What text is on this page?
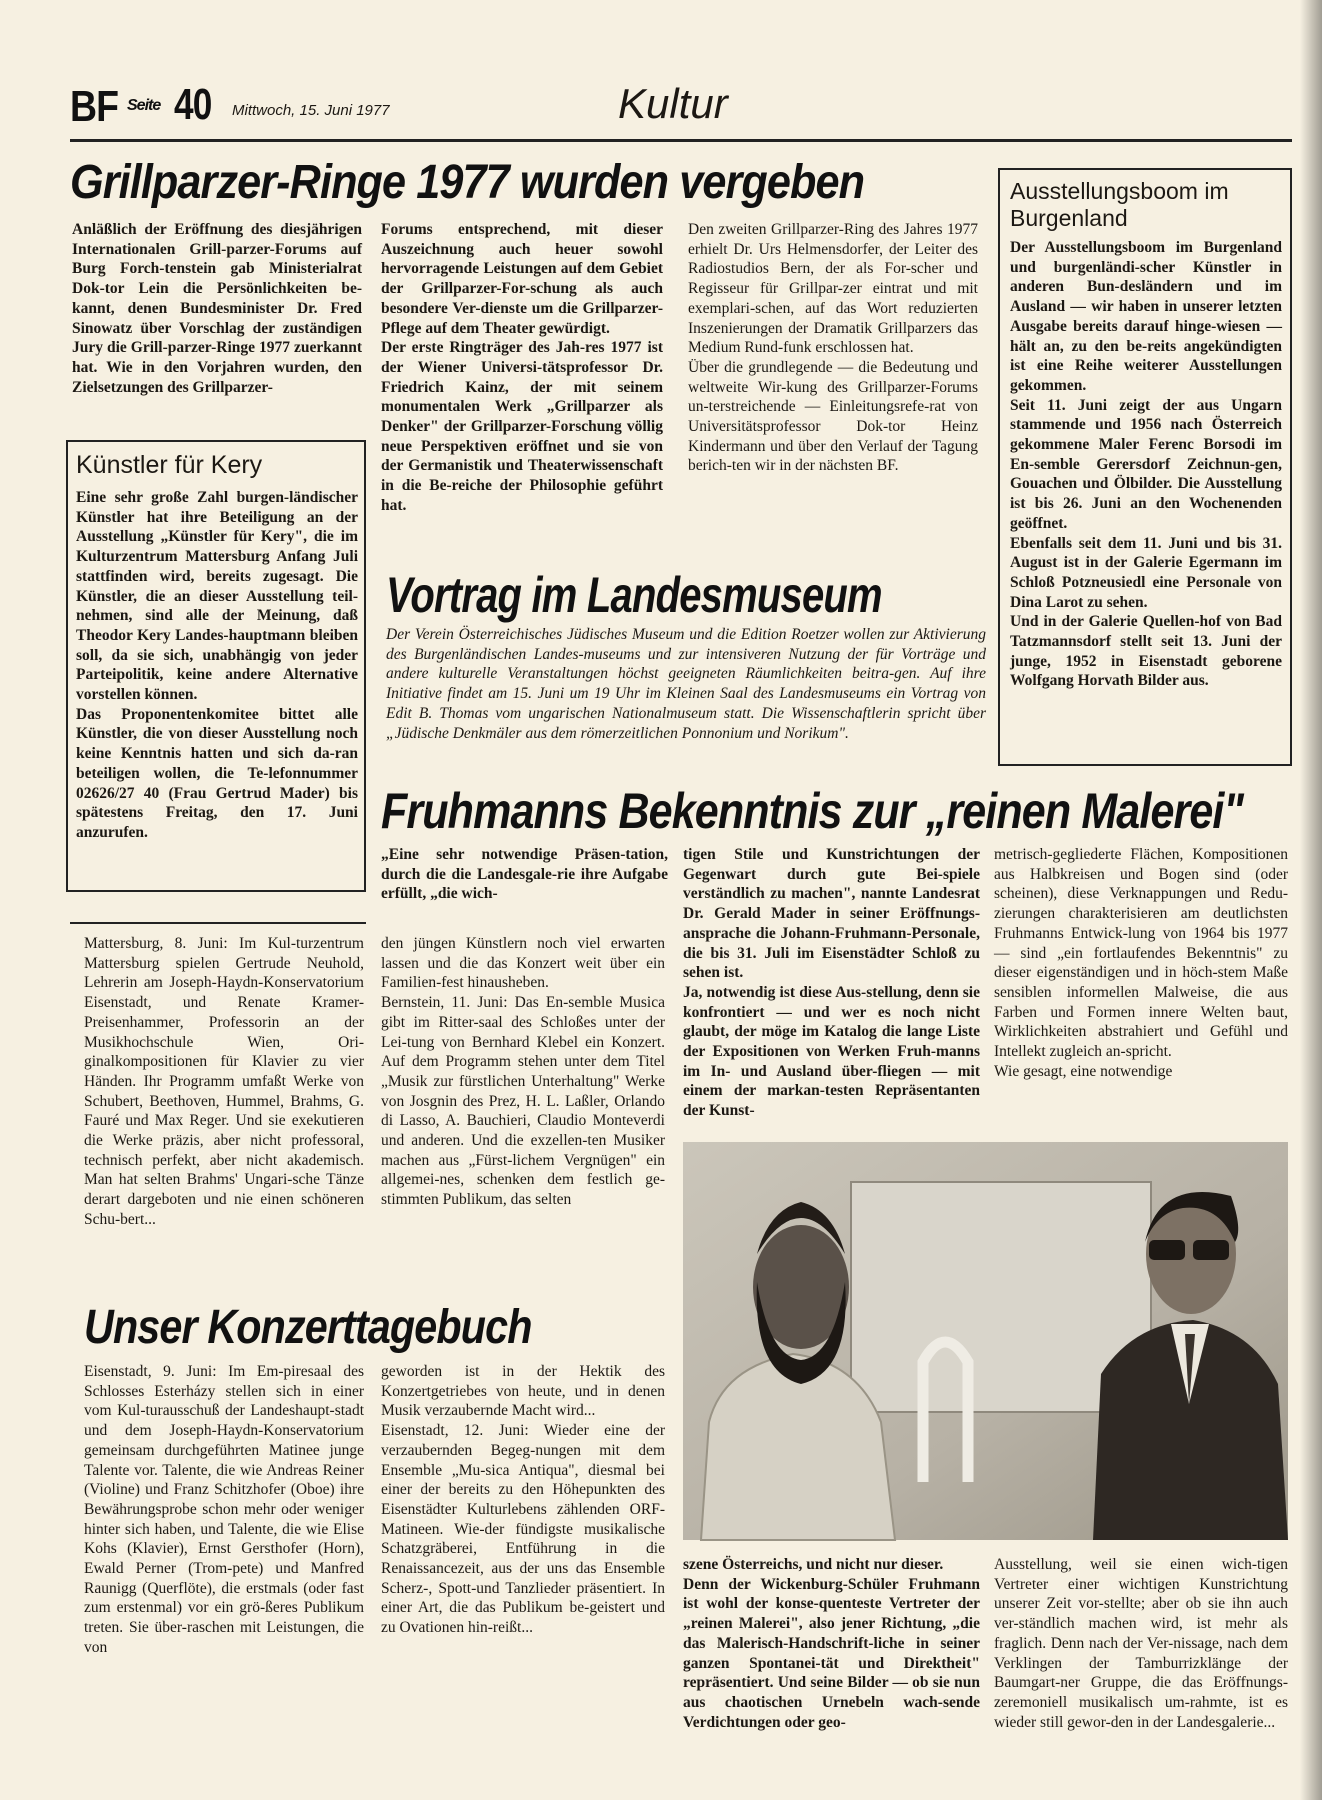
BF Seite 40 Mittwoch, 15. Juni 1977	Kultur
Grillparzer-Ringe 1977 wurden vergeben
Anläßlich der Eröffnung des diesjährigen Internationalen Grill-parzer-Forums auf Burg Forch-tenstein gab Ministerialrat Dok-tor Lein die Persönlichkeiten be-kannt, denen Bundesminister Dr. Fred Sinowatz über Vorschlag der zuständigen Jury die Grill-parzer-Ringe 1977 zuerkannt hat. Wie in den Vorjahren wurden, den Zielsetzungen des Grillparzer-
Forums entsprechend, mit dieser Auszeichnung auch heuer sowohl hervorragende Leistungen auf dem Gebiet der Grillparzer-For-schung als auch besondere Ver-dienste um die Grillparzer-Pflege auf dem Theater gewürdigt.
Der erste Ringträger des Jah-res 1977 ist der Wiener Universi-tätsprofessor Dr. Friedrich Kainz, der mit seinem monumentalen Werk „Grillparzer als Denker" der Grillparzer-Forschung völlig neue Perspektiven eröffnet und sie von der Germanistik und Theaterwissenschaft in die Be-reiche der Philosophie geführt hat.
Den zweiten Grillparzer-Ring des Jahres 1977 erhielt Dr. Urs Helmensdorfer, der Leiter des Radiostudios Bern, der als For-scher und Regisseur für Grillpar-zer eintrat und mit exemplari-schen, auf das Wort reduzierten Inszenierungen der Dramatik Grillparzers das Medium Rund-funk erschlossen hat.
Über die grundlegende — die Bedeutung und weltweite Wir-kung des Grillparzer-Forums un-terstreichende — Einleitungsrefe-rat von Universitätsprofessor Dok-tor Heinz Kindermann und über den Verlauf der Tagung berich-ten wir in der nächsten BF.
Ausstellungsboom im Burgenland
Der Ausstellungsboom im Burgenland und burgenländi-scher Künstler in anderen Bun-desländern und im Ausland — wir haben in unserer letzten Ausgabe bereits darauf hinge-wiesen — hält an, zu den be-reits angekündigten ist eine Reihe weiterer Ausstellungen gekommen.
Seit 11. Juni zeigt der aus Ungarn stammende und 1956 nach Österreich gekommene Maler Ferenc Borsodi im En-semble Gerersdorf Zeichnun-gen, Gouachen und Ölbilder. Die Ausstellung ist bis 26. Juni an den Wochenenden geöffnet.
Ebenfalls seit dem 11. Juni und bis 31. August ist in der Galerie Egermann im Schloß Potzneusiedl eine Personale von Dina Larot zu sehen.
Und in der Galerie Quellen-hof von Bad Tatzmannsdorf stellt seit 13. Juni der junge, 1952 in Eisenstadt geborene Wolfgang Horvath Bilder aus.
Künstler für Kery
Eine sehr große Zahl burgen-ländischer Künstler hat ihre Beteiligung an der Ausstellung „Künstler für Kery", die im Kulturzentrum Mattersburg Anfang Juli stattfinden wird, bereits zugesagt. Die Künstler, die an dieser Ausstellung teil-nehmen, sind alle der Meinung, daß Theodor Kery Landes-hauptmann bleiben soll, da sie sich, unabhängig von jeder Parteipolitik, keine andere Alternative vorstellen können.
Das Proponentenkomitee bittet alle Künstler, die von dieser Ausstellung noch keine Kenntnis hatten und sich da-ran beteiligen wollen, die Te-lefonnummer 02626/27 40 (Frau Gertrud Mader) bis spätestens Freitag, den 17. Juni anzurufen.
Vortrag im Landesmuseum
Der Verein Österreichisches Jüdisches Museum und die Edition Roetzer wollen zur Aktivierung des Burgenländischen Landes-museums und zur intensiveren Nutzung der für Vorträge und andere kulturelle Veranstaltungen höchst geeigneten Räumlichkeiten beitra-gen. Auf ihre Initiative findet am 15. Juni um 19 Uhr im Kleinen Saal des Landesmuseums ein Vortrag von Edit B. Thomas vom ungarischen Nationalmuseum statt. Die Wissenschaftlerin spricht über „Jüdische Denkmäler aus dem römerzeitlichen Ponnonium und Norikum".
Fruhmanns Bekenntnis zur „reinen Malerei"
„Eine sehr notwendige Präsen-tation, durch die die Landesgale-rie ihre Aufgabe erfüllt, „die wich-
tigen Stile und Kunstrichtungen der Gegenwart durch gute Bei-spiele verständlich zu machen", nannte Landesrat Dr. Gerald Mader in seiner Eröffnungs-ansprache die Johann-Fruhmann-Personale, die bis 31. Juli im Eisenstädter Schloß zu sehen ist.
Ja, notwendig ist diese Aus-stellung, denn sie konfrontiert — und wer es noch nicht glaubt, der möge im Katalog die lange Liste der Expositionen von Werken Fruh-manns im In- und Ausland über-fliegen — mit einem der markan-testen Repräsentanten der Kunst-
metrisch-gegliederte Flächen, Kompositionen aus Halbkreisen und Bogen sind (oder scheinen), diese Verknappungen und Redu-zierungen charakterisieren am deutlichsten Fruhmanns Entwick-lung von 1964 bis 1977 — sind „ein fortlaufendes Bekenntnis" zu dieser eigenständigen und in höch-stem Maße sensiblen informellen Malweise, die aus Farben und Formen innere Welten baut, Wirklichkeiten abstrahiert und Gefühl und Intellekt zugleich an-spricht.
Wie gesagt, eine notwendige
szene Österreichs, und nicht nur dieser.
Denn der Wickenburg-Schüler Fruhmann ist wohl der konse-quenteste Vertreter der „reinen Malerei", also jener Richtung, „die das Malerisch-Handschrift-liche in seiner ganzen Spontanei-tät und Direktheit" repräsentiert. Und seine Bilder — ob sie nun aus chaotischen Urnebeln wach-sende Verdichtungen oder geo-
Ausstellung, weil sie einen wich-tigen Vertreter einer wichtigen Kunstrichtung unserer Zeit vor-stellte; aber ob sie ihn auch ver-ständlich machen wird, ist mehr als fraglich. Denn nach der Ver-nissage, nach dem Verklingen der Tamburrizklänge der Baumgart-ner Gruppe, die das Eröffnungs-zeremoniell musikalisch um-rahmte, ist es wieder still gewor-den in der Landesgalerie...
Mattersburg, 8. Juni: Im Kul-turzentrum Mattersburg spielen Gertrude Neuhold, Lehrerin am Joseph-Haydn-Konservatorium Eisenstadt, und Renate Kramer-Preisenhammer, Professorin an der Musikhochschule Wien, Ori-ginalkompositionen für Klavier zu vier Händen. Ihr Programm umfaßt Werke von Schubert, Beethoven, Hummel, Brahms, G. Fauré und Max Reger. Und sie exekutieren die Werke präzis, aber nicht professoral, technisch perfekt, aber nicht akademisch. Man hat selten Brahms' Ungari-sche Tänze derart dargeboten und nie einen schöneren Schu-bert...
den jüngen Künstlern noch viel erwarten lassen und die das Konzert weit über ein Familien-fest hinausheben.
Bernstein, 11. Juni: Das En-semble Musica gibt im Ritter-saal des Schloßes unter der Lei-tung von Bernhard Klebel ein Konzert. Auf dem Programm stehen unter dem Titel „Musik zur fürstlichen Unterhaltung" Werke von Josgnin des Prez, H. L. Laßler, Orlando di Lasso, A. Bauchieri, Claudio Monteverdi und anderen. Und die exzellen-ten Musiker machen aus „Fürst-lichem Vergnügen" ein allgemei-nes, schenken dem festlich ge-stimmten Publikum, das selten
Unser Konzerttagebuch
Eisenstadt, 9. Juni: Im Em-piresaal des Schlosses Esterházy stellen sich in einer vom Kul-turausschuß der Landeshaupt-stadt und dem Joseph-Haydn-Konservatorium gemeinsam durchgeführten Matinee junge Talente vor. Talente, die wie Andreas Reiner (Violine) und Franz Schitzhofer (Oboe) ihre Bewährungsprobe schon mehr oder weniger hinter sich haben, und Talente, die wie Elise Kohs (Klavier), Ernst Gersthofer (Horn), Ewald Perner (Trom-pete) und Manfred Raunigg (Querflöte), die erstmals (oder fast zum erstenmal) vor ein grö-ßeres Publikum treten. Sie über-raschen mit Leistungen, die von
geworden ist in der Hektik des Konzertgetriebes von heute, und in denen Musik verzaubernde Macht wird...
Eisenstadt, 12. Juni: Wieder eine der verzaubernden Begeg-nungen mit dem Ensemble „Mu-sica Antiqua", diesmal bei einer der bereits zu den Höhepunkten des Eisenstädter Kulturlebens zählenden ORF-Matineen. Wie-der fündigste musikalische Schatzgräberei, Entführung in die Renaissancezeit, aus der uns das Ensemble Scherz-, Spott-und Tanzlieder präsentiert. In einer Art, die das Publikum be-geistert und zu Ovationen hin-reißt...
